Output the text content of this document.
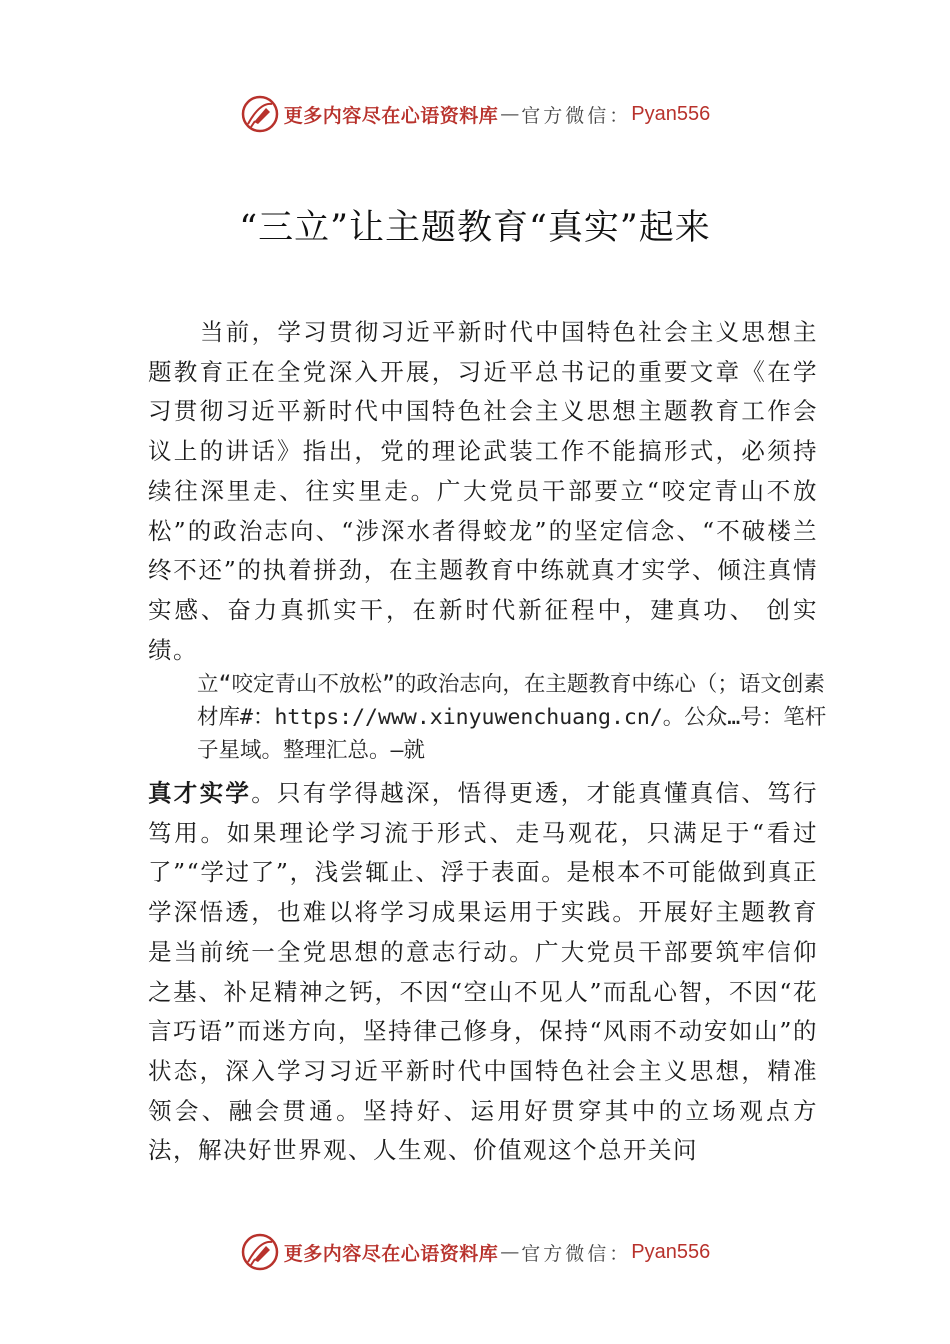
更多内容尽在心语资料库 — 官方微信： Pyan556
“三立”让主题教育“真实”起来

当前，学习贯彻习近平新时代中国特色社会主义思想主题教育正在全党深入开展，习近平总书记的重要文章《在学习贯彻习近平新时代中国特色社会主义思想主题教育工作会议上的讲话》指出，党的理论武装工作不能搞形式，必须持续往深里走、往实里走。广大党员干部要立“咬定青山不放松”的政治志向、“涉深水者得蛟龙”的坚定信念、“不破楼兰终不还”的执着拼劲，在主题教育中练就真才实学、倾注真情实感、奋力真抓实干，在新时代新征程中，建真功、 创实绩。

立“咬定青山不放松”的政治志向，在主题教育中练心（；语文创素材库#：https://www.xinyuwenchuang.cn/。公众…号：笔杆子星域。整理汇总。—就

真才实学。只有学得越深，悟得更透，才能真懂真信、笃行笃用。如果理论学习流于形式、走马观花，只满足于“看过了”“学过了”，浅尝辄止、浮于表面。是根本不可能做到真正学深悟透，也难以将学习成果运用于实践。开展好主题教育是当前统一全党思想的意志行动。广大党员干部要筑牢信仰之基、补足精神之钙，不因“空山不见人”而乱心智，不因“花言巧语”而迷方向，坚持律己修身，保持“风雨不动安如山”的状态，深入学习习近平新时代中国特色社会主义思想，精准领会、融会贯通。坚持好、运用好贯穿其中的立场观点方法，解决好世界观、人生观、价值观这个总开关问

更多内容尽在心语资料库 — 官方微信： Pyan556
